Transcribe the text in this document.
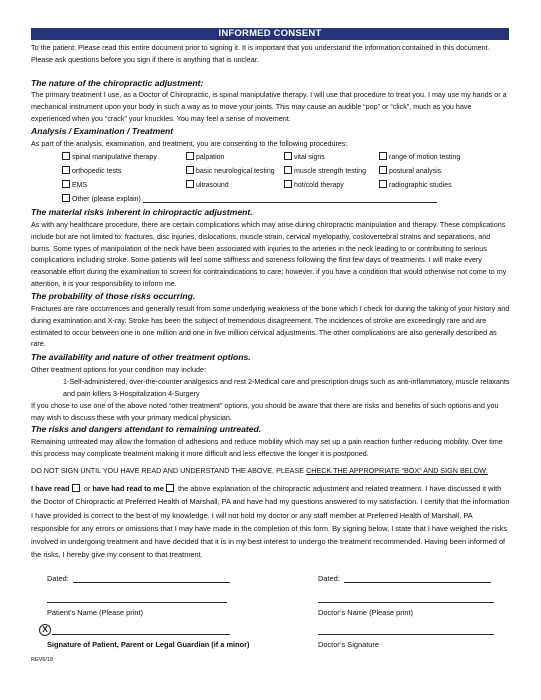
INFORMED CONSENT
To the patient: Please read this entire document prior to signing it. It is important that you understand the information contained in this document. Please ask questions before you sign if there is anything that is unclear.
The nature of the chiropractic adjustment:
The primary treatment I use, as a Doctor of Chiropractic, is spinal manipulative therapy. I will use that procedure to treat you. I may use my hands or a mechanical instrument upon your body in such a way as to move your joints. This may cause an audible “pop” or “click”, much as you have experienced when you “crack” your knuckles. You may feel a sense of movement.
Analysis / Examination / Treatment
As part of the analysis, examination, and treatment, you are consenting to the following procedures:
spinal manipulative therapy	palpation	vital signs	range of motion testing
orthopedic tests	basic neurological testing	muscle strength testing	postural analysis
EMS	ultrasound	hot/cold therapy	radiographic studies
Other (please explain)
The material risks inherent in chiropractic adjustment.
As with any healthcare procedure, there are certain complications which may arise during chiropractic manipulation and therapy. These complications include but are not limited to: fractures, disc injuries, dislocations, muscle strain, cervical myelopathy, costovertebral strains and separations, and burns. Some types of manipulation of the neck have been associated with injuries to the arteries in the neck leading to or contributing to serious complications including stroke. Some patients will feel some stiffness and soreness following the first few days of treatments. I will make every reasonable effort during the examination to screen for contraindications to care; however, if you have a condition that would otherwise not come to my attention, it is your responsibility to inform me.
The probability of those risks occurring.
Fractures are rare occurrences and generally result from some underlying weakness of the bone which I check for during the taking of your history and during examination and X-ray. Stroke has been the subject of tremendous disagreement. The incidences of stroke are exceedingly rare and are estimated to occur between one in one million and one in five million cervical adjustments. The other complications are also generally described as rare.
The availability and nature of other treatment options.
Other treatment options for your condition may include:
1-Self-administered, over-the-counter analgesics and rest 2-Medical care and prescription drugs such as anti-inflammatory, muscle relaxants and pain killers 3-Hospitalization 4-Surgery
If you chose to use one of the above noted “other treatment” options, you should be aware that there are risks and benefits of such options and you may wish to discuss these with your primary medical physician.
The risks and dangers attendant to remaining untreated.
Remaining untreated may allow the formation of adhesions and reduce mobility which may set up a pain reaction further reducing mobility. Over time this process may complicate treatment making it more difficult and less effective the longer it is postponed.
DO NOT SIGN UNTIL YOU HAVE READ AND UNDERSTAND THE ABOVE. PLEASE CHECK THE APPROPRIATE “BOX” AND SIGN BELOW:
I have read  or have had read to me  the above explanation of the chiropractic adjustment and related treatment. I have discussed it with the Doctor of Chiropractic at Preferred Health of Marshall, PA and have had my questions answered to my satisfaction. I certify that the information I have provided is correct to the best of my knowledge. I will not hold my doctor or any staff member at Preferred Health of Marshall, PA responsible for any errors or omissions that I may have made in the completion of this form. By signing below, I state that I have weighed the risks involved in undergoing treatment and have decided that it is in my best interest to undergo the treatment recommended. Having been informed of the risks, I hereby give my consent to that treatment.
Dated:	Dated:
Patient’s Name (Please print)	Doctor’s Name (Please print)
X
Signature of Patient, Parent or Legal Guardian (if a minor)	Doctor’s Signature
REV6/18
